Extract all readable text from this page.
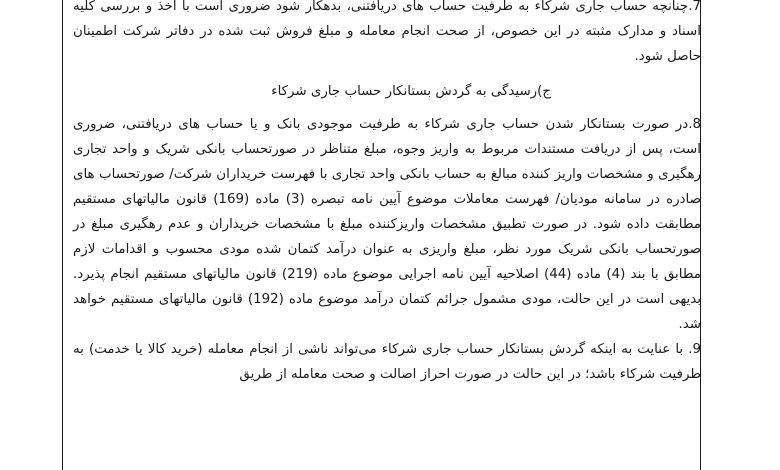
7.چنانچه حساب جاری شرکاء به طرفیت حساب های دریافتنی، بدهکار شود ضروری است با أخذ و بررسی کلیه اسناد و مدارک مثبته در این خصوص، از صحت انجام معامله و مبلغ فروش ثبت شده در دفاتر شرکت اطمینان حاصل شود.

ج)رسیدگی به گردش بستانکار حساب جاری شرکاء

8.در صورت بستانکار شدن حساب جاری شرکاء به طرفیت موجودی بانک و یا حساب های دریافتنی، ضروری است، پس از دریافت مستندات مربوط به واریز وجوه، مبلغ متناظر در صورتحساب بانکی شریک و واحد تجاری رهگیری و مشخصات واریز کننده مبالغ به حساب بانکی واحد تجاری با فهرست خریداران شرکت/ صورتحساب های صادره در سامانه مودیان/ فهرست معاملات موضوع آیین نامه تبصره (3) ماده (169) قانون مالیاتهای مستقیم مطابقت داده شود. در صورت تطبیق مشخصات واریزکننده مبلغ با مشخصات خریداران و عدم رهگیری مبلغ در صورتحساب بانکی شریک مورد نظر، مبلغ واریزی به عنوان درآمد کتمان شده مودی محسوب و اقدامات لازم مطابق با بند (4) ماده (44) اصلاحیه آیین نامه اجرایی موضوع ماده (219) قانون مالیاتهای مستقیم انجام پذیرد. بدیهی است در این حالت، مودی مشمول جرائم کتمان درآمد موضوع ماده (192) قانون مالیاتهای مستقیم خواهد شد.

9. با عنایت به اینکه گردش بستانکار حساب جاری شرکاء می‌تواند ناشی از انجام معامله (خرید کالا یا خدمت) به طرفیت شرکاء باشد؛ در این حالت در صورت احراز اصالت و صحت معامله از طریق
